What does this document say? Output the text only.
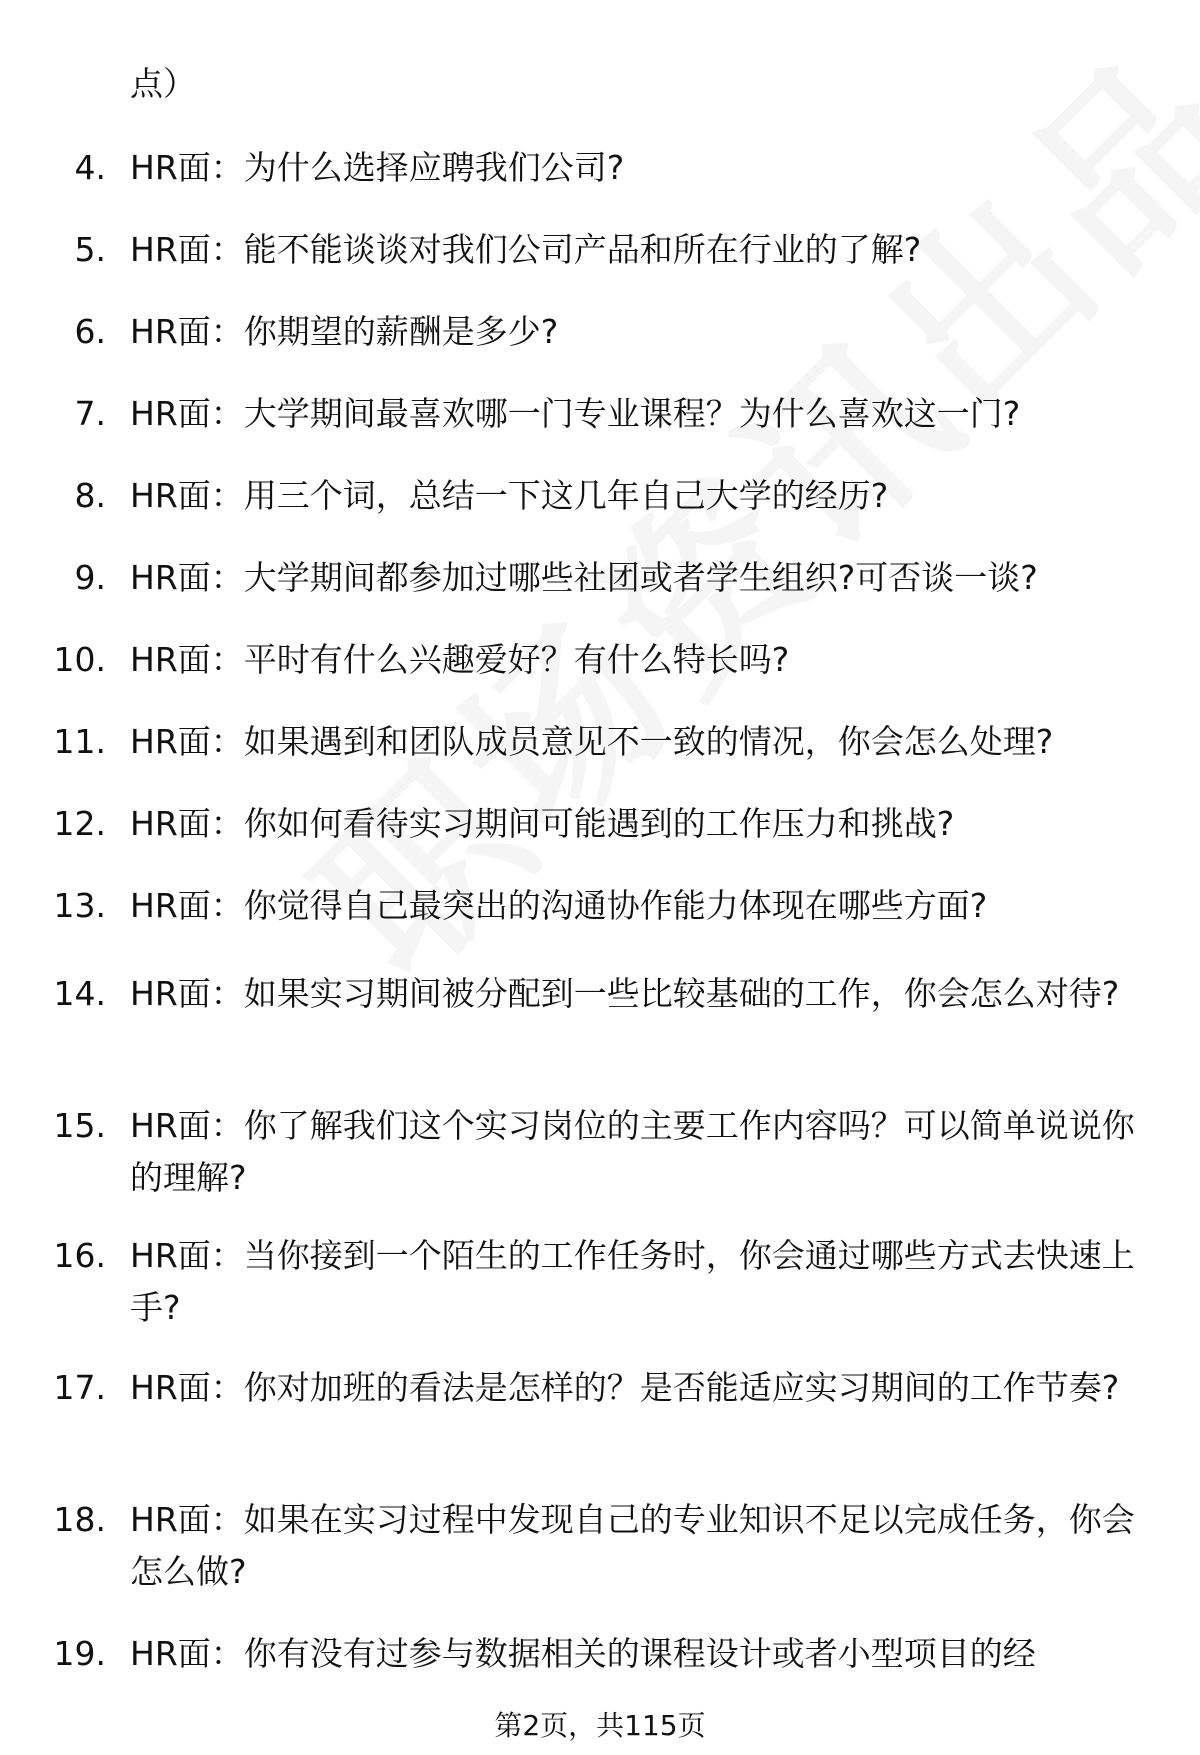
点）
4. HR面：为什么选择应聘我们公司?
5. HR面：能不能谈谈对我们公司产品和所在行业的了解?
6. HR面：你期望的薪酬是多少?
7. HR面：大学期间最喜欢哪一门专业课程？为什么喜欢这一门?
8. HR面：用三个词，总结一下这几年自己大学的经历?
9. HR面：大学期间都参加过哪些社团或者学生组织?可否谈一谈?
10. HR面：平时有什么兴趣爱好？有什么特长吗?
11. HR面：如果遇到和团队成员意见不一致的情况，你会怎么处理?
12. HR面：你如何看待实习期间可能遇到的工作压力和挑战?
13. HR面：你觉得自己最突出的沟通协作能力体现在哪些方面?
14. HR面：如果实习期间被分配到一些比较基础的工作，你会怎么对待?
15. HR面：你了解我们这个实习岗位的主要工作内容吗？可以简单说说你的理解?
16. HR面：当你接到一个陌生的工作任务时，你会通过哪些方式去快速上手?
17. HR面：你对加班的看法是怎样的？是否能适应实习期间的工作节奏?
18. HR面：如果在实习过程中发现自己的专业知识不足以完成任务，你会怎么做?
19. HR面：你有没有过参与数据相关的课程设计或者小型项目的经
第2页，共115页
